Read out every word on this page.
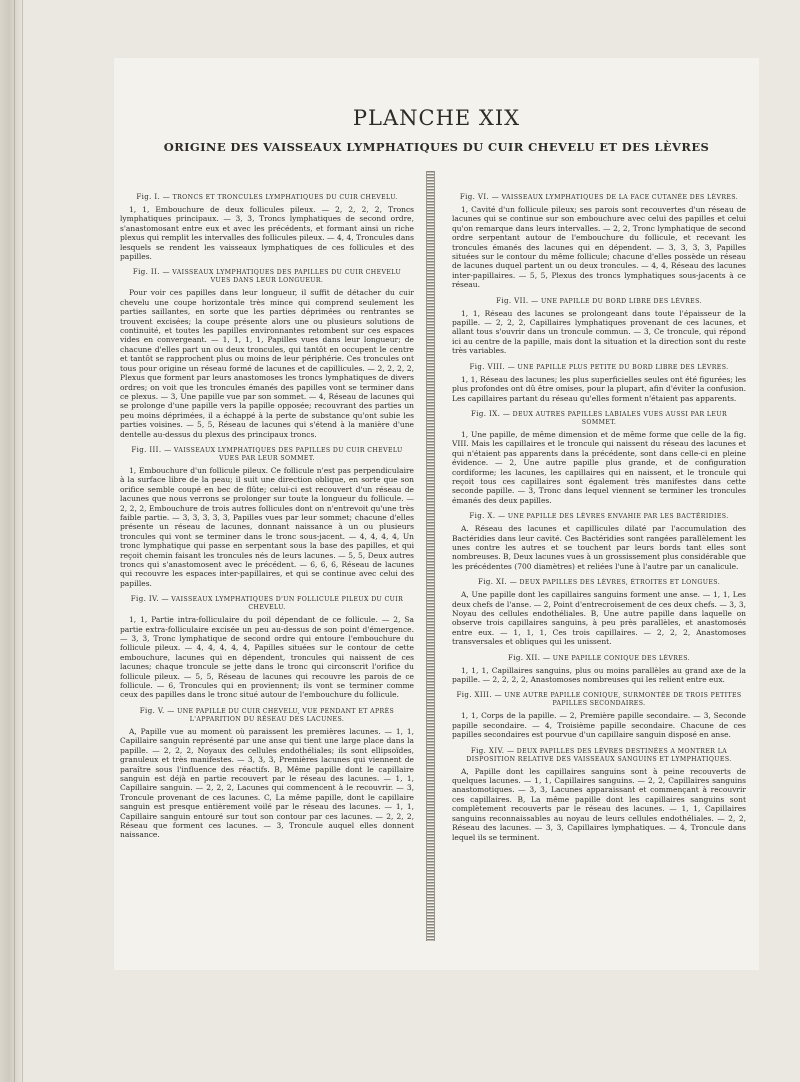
PLANCHE XIX
ORIGINE DES VAISSEAUX LYMPHATIQUES DU CUIR CHEVELU ET DES LÈVRES
Fig. I. — TRONCS ET TRONCULES LYMPHATIQUES DU CUIR CHEVELU.

1, 1, Embouchure de deux follicules pileux. — 2, 2, 2, 2, Troncs lymphatiques principaux. — 3, 3, Troncs lymphatiques de second ordre, s'anastomosant entre eux et avec les précédents, et formant ainsi un riche plexus qui remplit les intervalles des follicules pileux. — 4, 4, Troncules dans lesquels se rendent les vaisseaux lymphatiques de ces follicules et des papilles.

Fig. II. — VAISSEAUX LYMPHATIQUES DES PAPILLES DU CUIR CHEVELU VUES DANS LEUR LONGUEUR.

Pour voir ces papilles dans leur longueur, il suffit de détacher du cuir chevelu une coupe horizontale très mince qui comprend seulement les parties saillantes, en sorte que les parties déprimées ou rentrantes se trouvent excisées; la coupe présente alors une ou plusieurs solutions de continuité, et toutes les papilles environnantes retombent sur ces espaces vides en convergeant. — 1, 1, 1, 1, Papilles vues dans leur longueur; de chacune d'elles part un ou deux troncules, qui tantôt en occupent le centre et tantôt se rapprochent plus ou moins de leur périphérie. Ces troncules ont tous pour origine un réseau formé de lacunes et de capillicules. — 2, 2, 2, 2, Plexus que forment par leurs anastomoses les troncs lymphatiques de divers ordres; on voit que les troncules émanés des papilles vont se terminer dans ce plexus. — 3, Une papille vue par son sommet. — 4, Réseau de lacunes qui se prolonge d'une papille vers la papille opposée; recouvrant des parties un peu moins déprimées, il a échappé à la perte de substance qu'ont subie les parties voisines. — 5, 5, Réseau de lacunes qui s'étend à la manière d'une dentelle au-dessus du plexus des principaux troncs.

Fig. III. — VAISSEAUX LYMPHATIQUES DES PAPILLES DU CUIR CHEVELU VUES PAR LEUR SOMMET.

1, Embouchure d'un follicule pileux. Ce follicule n'est pas perpendiculaire à la surface libre de la peau; il suit une direction oblique, en sorte que son orifice semble coupé en bec de flûte; celui-ci est recouvert d'un réseau de lacunes que nous verrons se prolonger sur toute la longueur du follicule. — 2, 2, 2, Embouchure de trois autres follicules dont on n'entrevoit qu'une très faible partie. — 3, 3, 3, 3, 3, Papilles vues par leur sommet; chacune d'elles présente un réseau de lacunes, donnant naissance à un ou plusieurs troncules qui vont se terminer dans le tronc sous-jacent. — 4, 4, 4, 4, Un tronc lymphatique qui passe en serpentant sous la base des papilles, et qui reçoit chemin faisant les troncules nés de leurs lacunes. — 5, 5, Deux autres troncs qui s'anastomosent avec le précédent. — 6, 6, 6, Réseau de lacunes qui recouvre les espaces inter-papillaires, et qui se continue avec celui des papilles.

Fig. IV. — VAISSEAUX LYMPHATIQUES D'UN FOLLICULE PILEUX DU CUIR CHEVELU.

1, 1, Partie intra-folliculaire du poil dépendant de ce follicule. — 2, Sa partie extra-folliculaire excisée un peu au-dessus de son point d'émergence. — 3, 3, Tronc lymphatique de second ordre qui entoure l'embouchure du follicule pileux. — 4, 4, 4, 4, 4, Papilles situées sur le contour de cette embouchure, lacunes qui en dépendent, troncules qui naissent de ces lacunes; chaque troncule se jette dans le tronc qui circonscrit l'orifice du follicule pileux. — 5, 5, Réseau de lacunes qui recouvre les parois de ce follicule. — 6, Troncules qui en proviennent; ils vont se terminer comme ceux des papilles dans le tronc situé autour de l'embouchure du follicule.

Fig. V. — UNE PAPILLE DU CUIR CHEVELU, VUE PENDANT ET APRÈS L'APPARITION DU RÉSEAU DES LACUNES.

A, Papille vue au moment où paraissent les premières lacunes. — 1, 1, Capillaire sanguin représenté par une anse qui tient une large place dans la papille. — 2, 2, 2, Noyaux des cellules endothéliales; ils sont ellipsoïdes, granuleux et très manifestes. — 3, 3, 3, Premières lacunes qui viennent de paraître sous l'influence des réactifs. B, Même papille dont le capillaire sanguin est déjà en partie recouvert par le réseau des lacunes. — 1, 1, Capillaire sanguin. — 2, 2, 2, Lacunes qui commencent à le recouvrir. — 3, Troncule provenant de ces lacunes. C, La même papille, dont le capillaire sanguin est presque entièrement voilé par le réseau des lacunes. — 1, 1, Capillaire sanguin entouré sur tout son contour par ces lacunes. — 2, 2, 2, Réseau que forment ces lacunes. — 3, Troncule auquel elles donnent naissance.

Fig. VI. — VAISSEAUX LYMPHATIQUES DE LA FACE CUTANÉE DES LÈVRES.

1, Cavité d'un follicule pileux; ses parois sont recouvertes d'un réseau de lacunes qui se continue sur son embouchure avec celui des papilles et celui qu'on remarque dans leurs intervalles. — 2, 2, Tronc lymphatique de second ordre serpentant autour de l'embouchure du follicule, et recevant les troncules émanés des lacunes qui en dépendent. — 3, 3, 3, 3, Papilles situées sur le contour du même follicule; chacune d'elles possède un réseau de lacunes duquel partent un ou deux troncules. — 4, 4, Réseau des lacunes inter-papillaires. — 5, 5, Plexus des troncs lymphatiques sous-jacents à ce réseau.

Fig. VII. — UNE PAPILLE DU BORD LIBRE DES LÈVRES.

1, 1, Réseau des lacunes se prolongeant dans toute l'épaisseur de la papille. — 2, 2, 2, Capillaires lymphatiques provenant de ces lacunes, et allant tous s'ouvrir dans un troncule commun. — 3, Ce troncule, qui répond ici au centre de la papille, mais dont la situation et la direction sont du reste très variables.

Fig. VIII. — UNE PAPILLE PLUS PETITE DU BORD LIBRE DES LÈVRES.

1, 1, Réseau des lacunes; les plus superficielles seules ont été figurées; les plus profondes ont dû être omises, pour la plupart, afin d'éviter la confusion. Les capillaires partant du réseau qu'elles forment n'étaient pas apparents.

Fig. IX. — DEUX AUTRES PAPILLES LABIALES VUES AUSSI PAR LEUR SOMMET.

1, Une papille, de même dimension et de même forme que celle de la fig. VIII. Mais les capillaires et le troncule qui naissent du réseau des lacunes et qui n'étaient pas apparents dans la précédente, sont dans celle-ci en pleine évidence. — 2, Une autre papille plus grande, et de configuration cordiforme; les lacunes, les capillaires qui en naissent, et le troncule qui reçoit tous ces capillaires sont également très manifestes dans cette seconde papille. — 3, Tronc dans lequel viennent se terminer les troncules émanés des deux papilles.

Fig. X. — UNE PAPILLE DES LÈVRES ENVAHIE PAR LES BACTÉRIDIES.

A. Réseau des lacunes et capillicules dilaté par l'accumulation des Bactéridies dans leur cavité. Ces Bactéridies sont rangées parallèlement les unes contre les autres et se touchent par leurs bords tant elles sont nombreuses. B, Deux lacunes vues à un grossissement plus considérable que les précédentes (700 diamètres) et reliées l'une à l'autre par un canalicule.

Fig. XI. — DEUX PAPILLES DES LÈVRES, ÉTROITES ET LONGUES.

A, Une papille dont les capillaires sanguins forment une anse. — 1, 1, Les deux chefs de l'anse. — 2, Point d'entrecroisement de ces deux chefs. — 3, 3, Noyau des cellules endothéliales. B, Une autre papille dans laquelle on observe trois capillaires sanguins, à peu près parallèles, et anastomosés entre eux. — 1, 1, 1, Ces trois capillaires. — 2, 2, 2, Anastomoses transversales et obliques qui les unissent.

Fig. XII. — UNE PAPILLE CONIQUE DES LÈVRES.

1, 1, 1, Capillaires sanguins, plus ou moins parallèles au grand axe de la papille. — 2, 2, 2, 2, Anastomoses nombreuses qui les relient entre eux.

Fig. XIII. — UNE AUTRE PAPILLE CONIQUE, SURMONTÉE DE TROIS PETITES PAPILLES SECONDAIRES.

1, 1, Corps de la papille. — 2, Première papille secondaire. — 3, Seconde papille secondaire. — 4, Troisième papille secondaire. Chacune de ces papilles secondaires est pourvue d'un capillaire sanguin disposé en anse.

Fig. XIV. — DEUX PAPILLES DES LÈVRES DESTINÉES A MONTRER LA DISPOSITION RELATIVE DES VAISSEAUX SANGUINS ET LYMPHATIQUES.

A, Papille dont les capillaires sanguins sont à peine recouverts de quelques lacunes. — 1, 1, Capillaires sanguins. — 2, 2, Capillaires sanguins anastomotiques. — 3, 3, Lacunes apparaissant et commençant à recouvrir ces capillaires. B, La même papille dont les capillaires sanguins sont complètement recouverts par le réseau des lacunes. — 1, 1, Capillaires sanguins reconnaissables au noyau de leurs cellules endothéliales. — 2, 2, Réseau des lacunes. — 3, 3, Capillaires lymphatiques. — 4, Troncule dans lequel ils se terminent.
